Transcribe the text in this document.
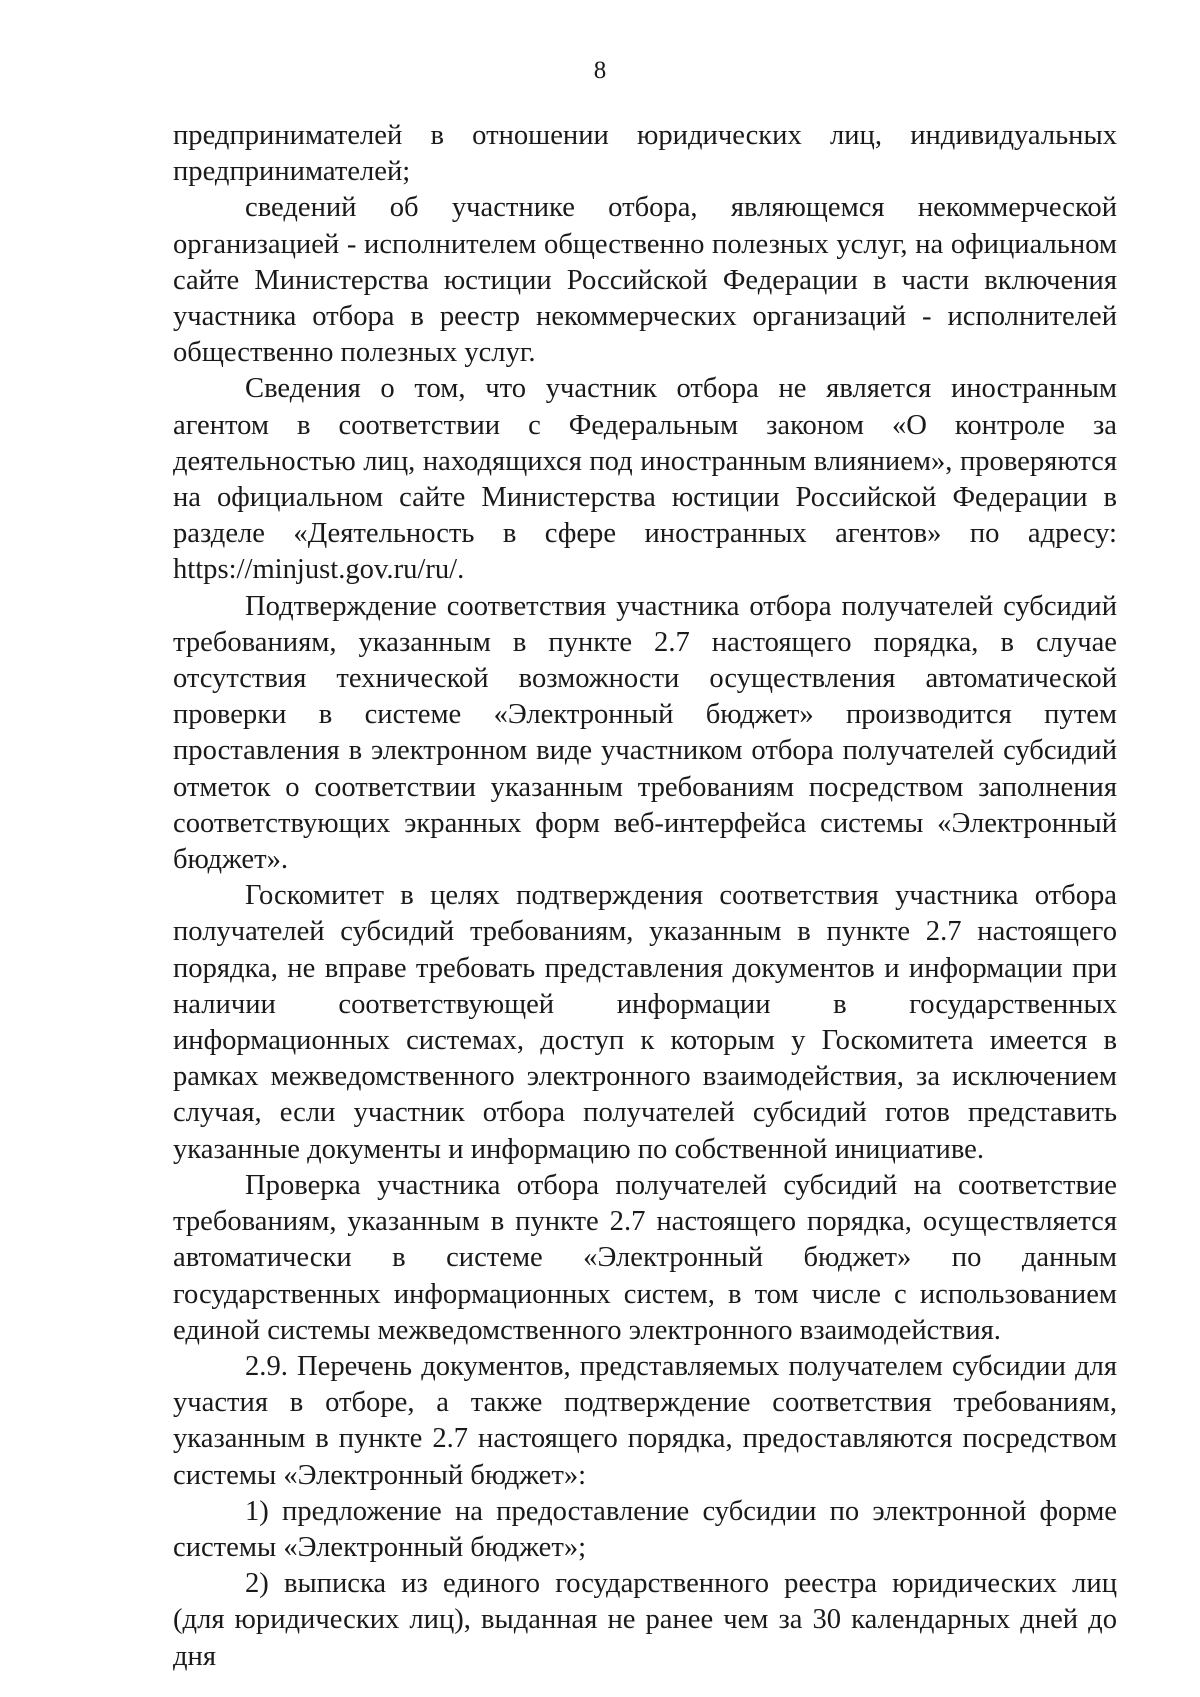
8

предпринимателей в отношении юридических лиц, индивидуальных предпринимателей;

сведений об участнике отбора, являющемся некоммерческой организацией - исполнителем общественно полезных услуг, на официальном сайте Министерства юстиции Российской Федерации в части включения участника отбора в реестр некоммерческих организаций - исполнителей общественно полезных услуг.

Сведения о том, что участник отбора не является иностранным агентом в соответствии с Федеральным законом «О контроле за деятельностью лиц, находящихся под иностранным влиянием», проверяются на официальном сайте Министерства юстиции Российской Федерации в разделе «Деятельность в сфере иностранных агентов» по адресу: https://minjust.gov.ru/ru/.

Подтверждение соответствия участника отбора получателей субсидий требованиям, указанным в пункте 2.7 настоящего порядка, в случае отсутствия технической возможности осуществления автоматической проверки в системе «Электронный бюджет» производится путем проставления в электронном виде участником отбора получателей субсидий отметок о соответствии указанным требованиям посредством заполнения соответствующих экранных форм веб-интерфейса системы «Электронный бюджет».

Госкомитет в целях подтверждения соответствия участника отбора получателей субсидий требованиям, указанным в пункте 2.7 настоящего порядка, не вправе требовать представления документов и информации при наличии соответствующей информации в государственных информационных системах, доступ к которым у Госкомитета имеется в рамках межведомственного электронного взаимодействия, за исключением случая, если участник отбора получателей субсидий готов представить указанные документы и информацию по собственной инициативе.

Проверка участника отбора получателей субсидий на соответствие требованиям, указанным в пункте 2.7 настоящего порядка, осуществляется автоматически в системе «Электронный бюджет» по данным государственных информационных систем, в том числе с использованием единой системы межведомственного электронного взаимодействия.

2.9. Перечень документов, представляемых получателем субсидии для участия в отборе, а также подтверждение соответствия требованиям, указанным в пункте 2.7 настоящего порядка, предоставляются посредством системы «Электронный бюджет»:

1) предложение на предоставление субсидии по электронной форме системы «Электронный бюджет»;

2) выписка из единого государственного реестра юридических лиц (для юридических лиц), выданная не ранее чем за 30 календарных дней до дня
